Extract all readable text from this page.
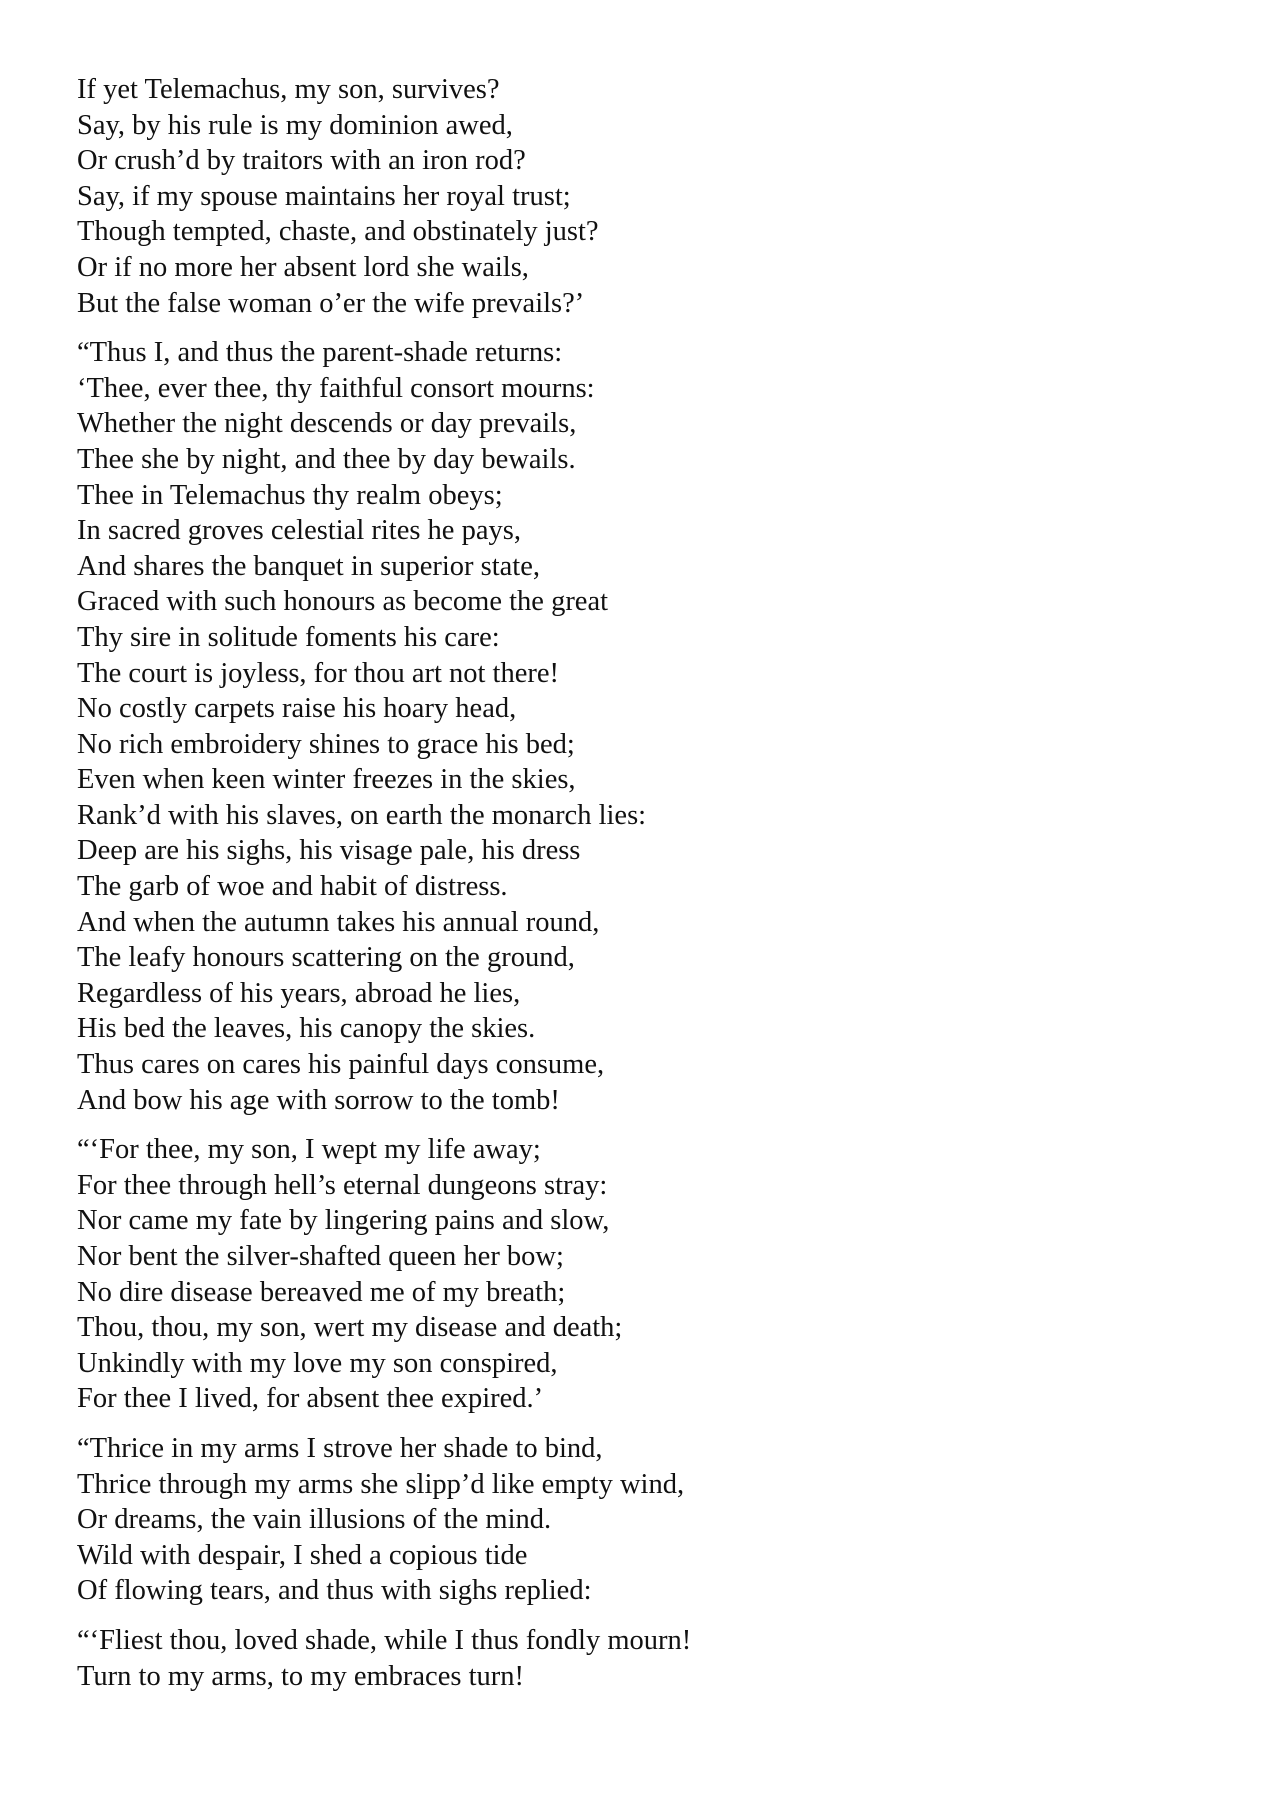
If yet Telemachus, my son, survives?
Say, by his rule is my dominion awed,
Or crush’d by traitors with an iron rod?
Say, if my spouse maintains her royal trust;
Though tempted, chaste, and obstinately just?
Or if no more her absent lord she wails,
But the false woman o’er the wife prevails?’
“Thus I, and thus the parent-shade returns:
‘Thee, ever thee, thy faithful consort mourns:
Whether the night descends or day prevails,
Thee she by night, and thee by day bewails.
Thee in Telemachus thy realm obeys;
In sacred groves celestial rites he pays,
And shares the banquet in superior state,
Graced with such honours as become the great
Thy sire in solitude foments his care:
The court is joyless, for thou art not there!
No costly carpets raise his hoary head,
No rich embroidery shines to grace his bed;
Even when keen winter freezes in the skies,
Rank’d with his slaves, on earth the monarch lies:
Deep are his sighs, his visage pale, his dress
The garb of woe and habit of distress.
And when the autumn takes his annual round,
The leafy honours scattering on the ground,
Regardless of his years, abroad he lies,
His bed the leaves, his canopy the skies.
Thus cares on cares his painful days consume,
And bow his age with sorrow to the tomb!
“‘For thee, my son, I wept my life away;
For thee through hell’s eternal dungeons stray:
Nor came my fate by lingering pains and slow,
Nor bent the silver-shafted queen her bow;
No dire disease bereaved me of my breath;
Thou, thou, my son, wert my disease and death;
Unkindly with my love my son conspired,
For thee I lived, for absent thee expired.’
“Thrice in my arms I strove her shade to bind,
Thrice through my arms she slipp’d like empty wind,
Or dreams, the vain illusions of the mind.
Wild with despair, I shed a copious tide
Of flowing tears, and thus with sighs replied:
“‘Fliest thou, loved shade, while I thus fondly mourn!
Turn to my arms, to my embraces turn!
